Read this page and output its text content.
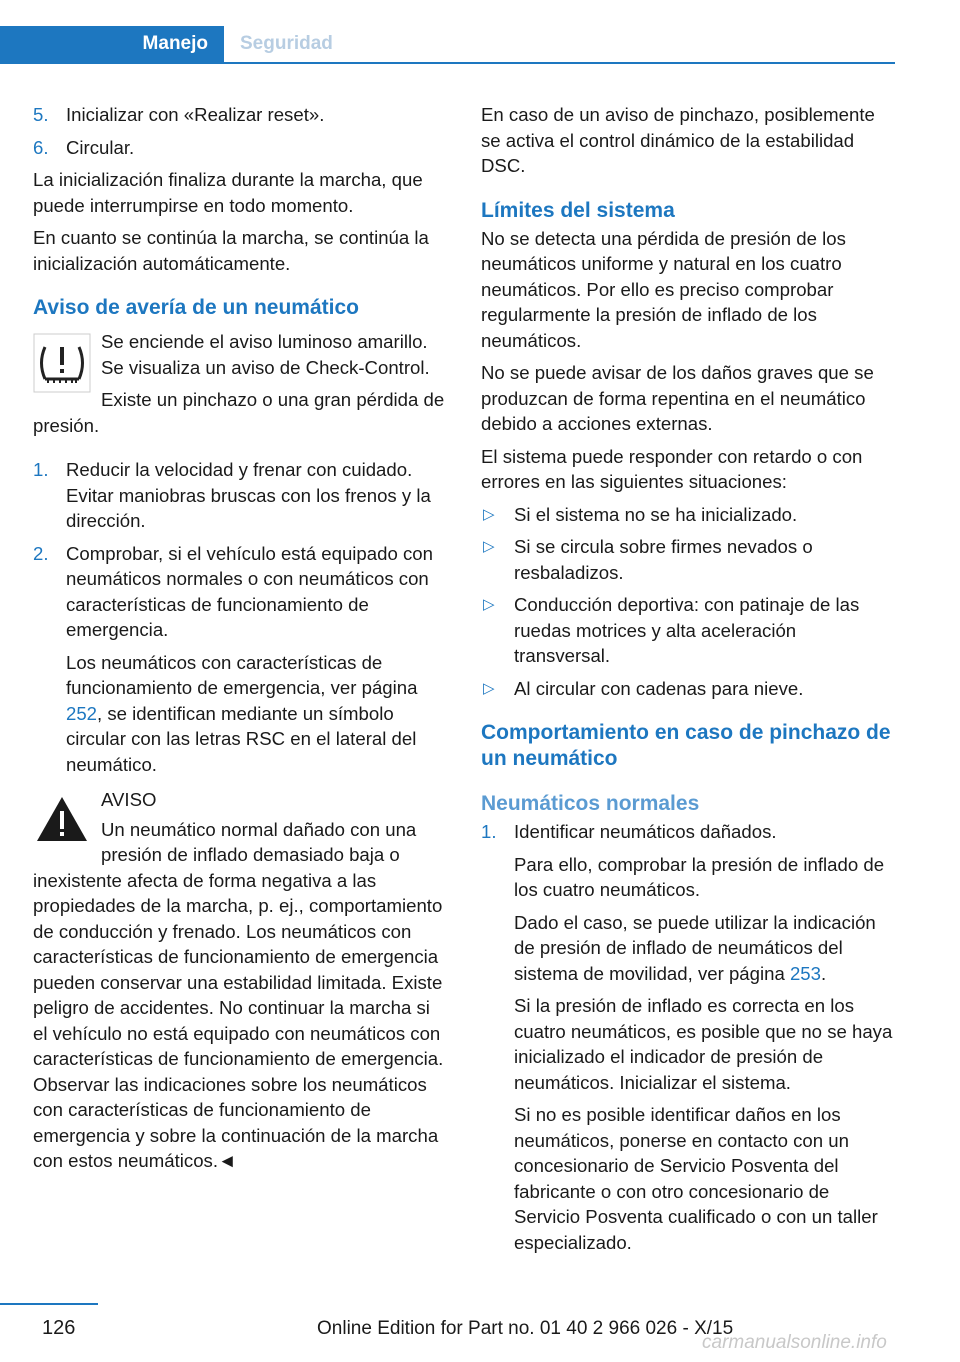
Manejo	Seguridad
5. Inicializar con «Realizar reset».
6. Circular.

La inicialización finaliza durante la marcha, que puede interrumpirse en todo momento.

En cuanto se continúa la marcha, se continúa la inicialización automáticamente.

Aviso de avería de un neumático

Se enciende el aviso luminoso amarillo. Se visualiza un aviso de Check-Control.

Existe un pinchazo o una gran pérdida de presión.

1. Reducir la velocidad y frenar con cuidado. Evitar maniobras bruscas con los frenos y la dirección.
2. Comprobar, si el vehículo está equipado con neumáticos normales o con neumáticos con características de funcionamiento de emergencia.

Los neumáticos con características de funcionamiento de emergencia, ver página 252, se identifican mediante un símbolo circular con las letras RSC en el lateral del neumático.

AVISO

Un neumático normal dañado con una presión de inflado demasiado baja o inexistente afecta de forma negativa a las propiedades de la marcha, p. ej., comportamiento de conducción y frenado. Los neumáticos con características de funcionamiento de emergencia pueden conservar una estabilidad limitada. Existe peligro de accidentes. No continuar la marcha si el vehículo no está equipado con neumáticos con características de funcionamiento de emergencia. Observar las indicaciones sobre los neumáticos con características de funcionamiento de emergencia y sobre la continuación de la marcha con estos neumáticos.◄

En caso de un aviso de pinchazo, posiblemente se activa el control dinámico de la estabilidad DSC.

Límites del sistema

No se detecta una pérdida de presión de los neumáticos uniforme y natural en los cuatro neumáticos. Por ello es preciso comprobar regularmente la presión de inflado de los neumáticos.

No se puede avisar de los daños graves que se produzcan de forma repentina en el neumático debido a acciones externas.

El sistema puede responder con retardo o con errores en las siguientes situaciones:

▷ Si el sistema no se ha inicializado.
▷ Si se circula sobre firmes nevados o resbaladizos.
▷ Conducción deportiva: con patinaje de las ruedas motrices y alta aceleración transversal.
▷ Al circular con cadenas para nieve.
Comportamiento en caso de pinchazo de un neumático
Neumáticos normales
1. Identificar neumáticos dañados.

Para ello, comprobar la presión de inflado de los cuatro neumáticos.

Dado el caso, se puede utilizar la indicación de presión de inflado de neumáticos del sistema de movilidad, ver página 253.

Si la presión de inflado es correcta en los cuatro neumáticos, es posible que no se haya inicializado el indicador de presión de neumáticos. Inicializar el sistema.

Si no es posible identificar daños en los neumáticos, ponerse en contacto con un concesionario de Servicio Posventa del fabricante o con otro concesionario de Servicio Posventa cualificado o con un taller especializado.

126	Online Edition for Part no. 01 40 2 966 026 - X/15
carmanualsonline.info
